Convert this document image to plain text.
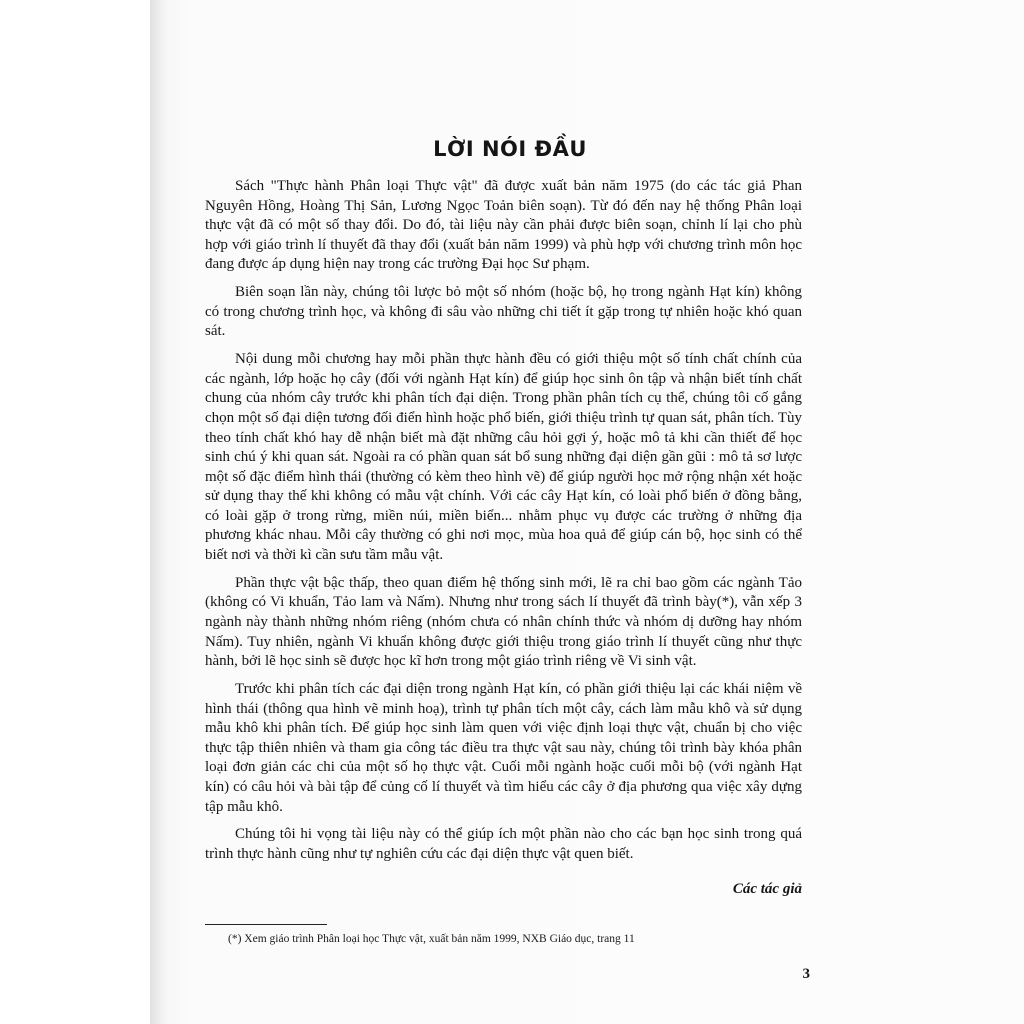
LỜI NÓI ĐẦU

Sách "Thực hành Phân loại Thực vật" đã được xuất bản năm 1975 (do các tác giả Phan Nguyên Hồng, Hoàng Thị Sản, Lương Ngọc Toản biên soạn). Từ đó đến nay hệ thống Phân loại thực vật đã có một số thay đổi. Do đó, tài liệu này cần phải được biên soạn, chỉnh lí lại cho phù hợp với giáo trình lí thuyết đã thay đổi (xuất bản năm 1999) và phù hợp với chương trình môn học đang được áp dụng hiện nay trong các trường Đại học Sư phạm.

Biên soạn lần này, chúng tôi lược bỏ một số nhóm (hoặc bộ, họ trong ngành Hạt kín) không có trong chương trình học, và không đi sâu vào những chi tiết ít gặp trong tự nhiên hoặc khó quan sát.

Nội dung mỗi chương hay mỗi phần thực hành đều có giới thiệu một số tính chất chính của các ngành, lớp hoặc họ cây (đối với ngành Hạt kín) để giúp học sinh ôn tập và nhận biết tính chất chung của nhóm cây trước khi phân tích đại diện. Trong phần phân tích cụ thể, chúng tôi cố gắng chọn một số đại diện tương đối điển hình hoặc phổ biến, giới thiệu trình tự quan sát, phân tích. Tùy theo tính chất khó hay dễ nhận biết mà đặt những câu hỏi gợi ý, hoặc mô tả khi cần thiết để học sinh chú ý khi quan sát. Ngoài ra có phần quan sát bổ sung những đại diện gần gũi : mô tả sơ lược một số đặc điểm hình thái (thường có kèm theo hình vẽ) để giúp người học mở rộng nhận xét hoặc sử dụng thay thế khi không có mẫu vật chính. Với các cây Hạt kín, có loài phổ biến ở đồng bằng, có loài gặp ở trong rừng, miền núi, miền biển... nhằm phục vụ được các trường ở những địa phương khác nhau. Mỗi cây thường có ghi nơi mọc, mùa hoa quả để giúp cán bộ, học sinh có thể biết nơi và thời kì cần sưu tầm mẫu vật.

Phần thực vật bậc thấp, theo quan điểm hệ thống sinh mới, lẽ ra chỉ bao gồm các ngành Tảo (không có Vi khuẩn, Tảo lam và Nấm). Nhưng như trong sách lí thuyết đã trình bày(*), vẫn xếp 3 ngành này thành những nhóm riêng (nhóm chưa có nhân chính thức và nhóm dị dưỡng hay nhóm Nấm). Tuy nhiên, ngành Vi khuẩn không được giới thiệu trong giáo trình lí thuyết cũng như thực hành, bởi lẽ học sinh sẽ được học kĩ hơn trong một giáo trình riêng về Vi sinh vật.

Trước khi phân tích các đại diện trong ngành Hạt kín, có phần giới thiệu lại các khái niệm về hình thái (thông qua hình vẽ minh hoạ), trình tự phân tích một cây, cách làm mẫu khô và sử dụng mẫu khô khi phân tích. Để giúp học sinh làm quen với việc định loại thực vật, chuẩn bị cho việc thực tập thiên nhiên và tham gia công tác điều tra thực vật sau này, chúng tôi trình bày khóa phân loại đơn giản các chi của một số họ thực vật. Cuối mỗi ngành hoặc cuối mỗi bộ (với ngành Hạt kín) có câu hỏi và bài tập để củng cố lí thuyết và tìm hiểu các cây ở địa phương qua việc xây dựng tập mẫu khô.

Chúng tôi hi vọng tài liệu này có thể giúp ích một phần nào cho các bạn học sinh trong quá trình thực hành cũng như tự nghiên cứu các đại diện thực vật quen biết.

Các tác giả

(*) Xem giáo trình Phân loại học Thực vật, xuất bản năm 1999, NXB Giáo dục, trang 11

3
